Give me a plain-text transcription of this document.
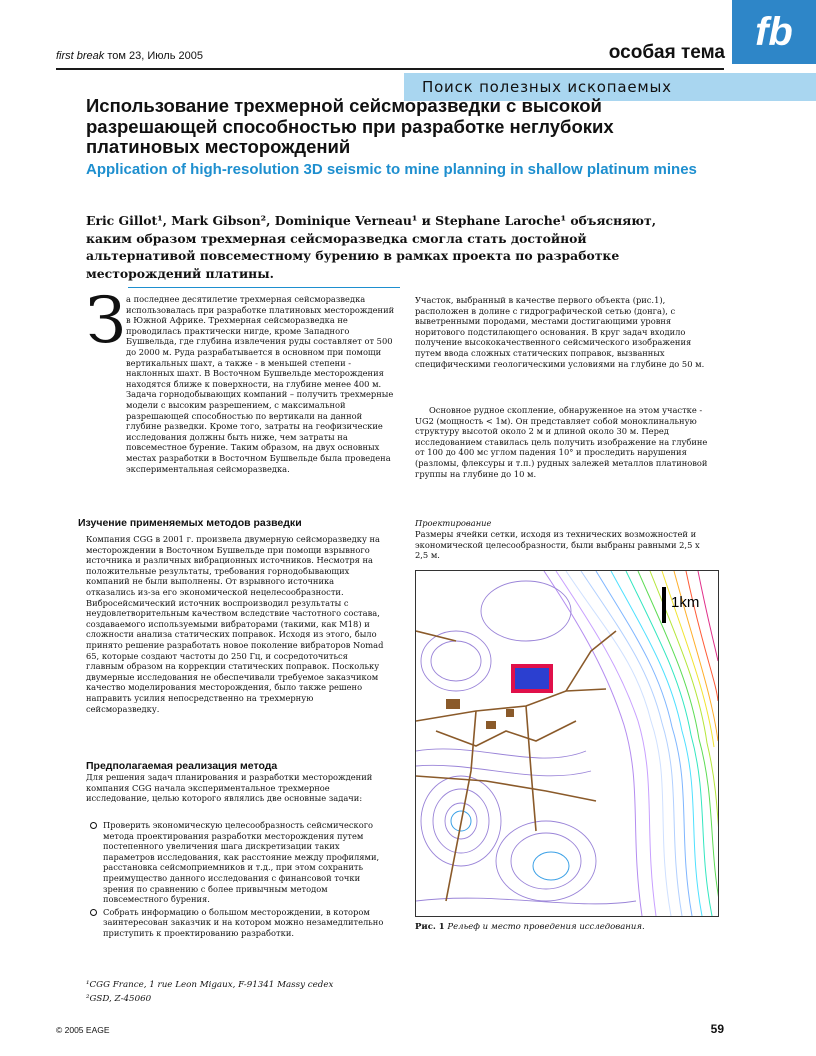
first break том 23, Июль 2005	особая тема fb
Поиск полезных ископаемых
Использование трехмерной сейсморазведки с высокой разрешающей способностью при разработке неглубоких платиновых месторождений
Application of high-resolution 3D seismic to mine planning in shallow platinum mines
Eric Gillot¹, Mark Gibson², Dominique Verneau¹ и Stephane Laroche¹ объясняют, каким образом трехмерная сейсморазведка смогла стать достойной альтернативой повсеместному бурению в рамках проекта по разработке месторождений платины.
З а последнее десятилетие трехмерная сейсморазведка использовалась при разработке платиновых месторождений в Южной Африке. Трехмерная сейсморазведка не проводилась практически нигде, кроме Западного Бушвельда, где глубина извлечения руды составляет от 500 до 2000 м. Руда разрабатывается в основном при помощи вертикальных шахт, а также - в меньшей степени - наклонных шахт. В Восточном Бушвельде месторождения находятся ближе к поверхности, на глубине менее 400 м. Задача горнодобывающих компаний – получить трехмерные модели с высоким разрешением, с максимальной разрешающей способностью по вертикали на данной глубине разведки. Кроме того, затраты на геофизические исследования должны быть ниже, чем затраты на повсеместное бурение. Таким образом, на двух основных местах разработки в Восточном Бушвельде была проведена экспериментальная сейсморазведка.
Изучение применяемых методов разведки
Компания CGG в 2001 г. произвела двумерную сейсморазведку на месторождении в Восточном Бушвельде при помощи взрывного источника и различных вибрационных источников. Несмотря на положительные результаты, требования горнодобывающих компаний не были выполнены. От взрывного источника отказались из-за его экономической нецелесообразности. Вибросейсмический источник воспроизводил результаты с неудовлетворительным качеством вследствие частотного состава, создаваемого используемыми вибраторами (такими, как M18) и сложности анализа статических поправок. Исходя из этого, было принято решение разработать новое поколение вибраторов Nomad 65, которые создают частоты до 250 Гц, и сосредоточиться главным образом на коррекции статических поправок. Поскольку двумерные исследования не обеспечивали требуемое заказчиком качество моделирования месторождения, было также решено направить усилия непосредственно на трехмерную сейсморазведку.
Предполагаемая реализация метода
Для решения задач планирования и разработки месторождений компания CGG начала экспериментальное трехмерное исследование, целью которого являлись две основные задачи:
Проверить экономическую целесообразность сейсмического метода проектирования разработки месторождения путем постепенного увеличения шага дискретизации таких параметров исследования, как расстояние между профилями, расстановка сейсмоприемников и т.д., при этом сохранить преимущество данного исследования с финансовой точки зрения по сравнению с более привычным методом повсеместного бурения.
Собрать информацию о большом месторождении, в котором заинтересован заказчик и на котором можно незамедлительно приступить к проектированию разработки.
¹CGG France, 1 rue Leon Migaux, F-91341 Massy cedex
²GSD, Z-45060
Участок, выбранный в качестве первого объекта (рис.1), расположен в долине с гидрографической сетью (донга), с выветренными породами, местами достигающими уровня норитового подстилающего основания. В круг задач входило получение высококачественного сейсмического изображения путем ввода сложных статических поправок, вызванных специфическими геологическими условиями на глубине до 50 м.
Основное рудное скопление, обнаруженное на этом участке - UG2 (мощность < 1м). Он представляет собой моноклинальную структуру высотой около 2 м и длиной около 30 м. Перед исследованием ставилась цель получить изображение на глубине от 100 до 400 мс углом падения 10° и проследить нарушения (разломы, флексуры и т.п.) рудных залежей металлов платиновой группы на глубине до 10 м.
Проектирование
Размеры ячейки сетки, исходя из технических возможностей и экономической целесообразности, были выбраны равными 2,5 x 2,5 м.
1km
Рис. 1 Рельеф и место проведения исследования.
© 2005 EAGE	59
